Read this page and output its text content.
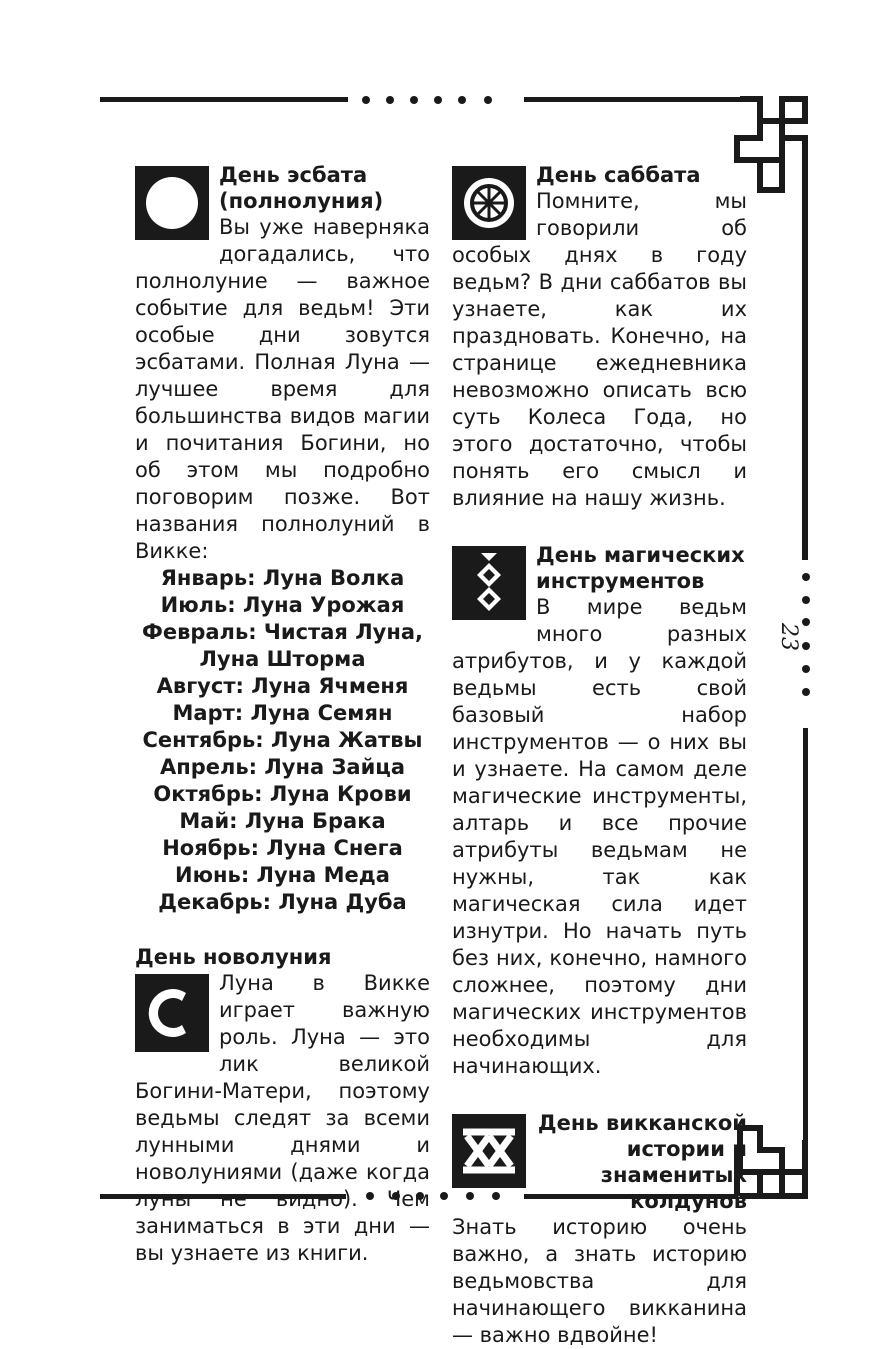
23
День эсбата (полнолуния)

Вы уже наверняка догадались, что полнолуние — важное событие для ведьм! Эти особые дни зовутся эсбатами. Полная Луна — лучшее время для большинства видов магии и почитания Богини, но об этом мы подробно поговорим позже. Вот названия полнолуний в Викке:

Январь: Луна Волка
Июль: Луна Урожая
Февраль: Чистая Луна,
Луна Шторма
Август: Луна Ячменя
Март: Луна Семян
Сентябрь: Луна Жатвы
Апрель: Луна Зайца
Октябрь: Луна Крови
Май: Луна Брака
Ноябрь: Луна Снега
Июнь: Луна Меда
Декабрь: Луна Дуба
День новолуния

Луна в Викке играет важную роль. Луна — это лик великой Богини-Матери, поэтому ведьмы следят за всеми лунными днями и новолуниями (даже когда луны не видно). Чем заниматься в эти дни — вы узнаете из книги.

День саббата

Помните, мы говорили об особых днях в году ведьм? В дни саббатов вы узнаете, как их праздновать. Конечно, на странице ежедневника невозможно описать всю суть Колеса Года, но этого достаточно, чтобы понять его смысл и влияние на нашу жизнь.

День магических инструментов

В мире ведьм много разных атрибутов, и у каждой ведьмы есть свой базовый набор инструментов — о них вы и узнаете. На самом деле магические инструменты, алтарь и все прочие атрибуты ведьмам не нужны, так как магическая сила идет изнутри. Но начать путь без них, конечно, намного сложнее, поэтому дни магических инструментов необходимы для начинающих.

День викканской истории и знаменитых колдунов

Знать историю очень важно, а знать историю ведьмовства для начинающего викканина — важно вдвойне!
